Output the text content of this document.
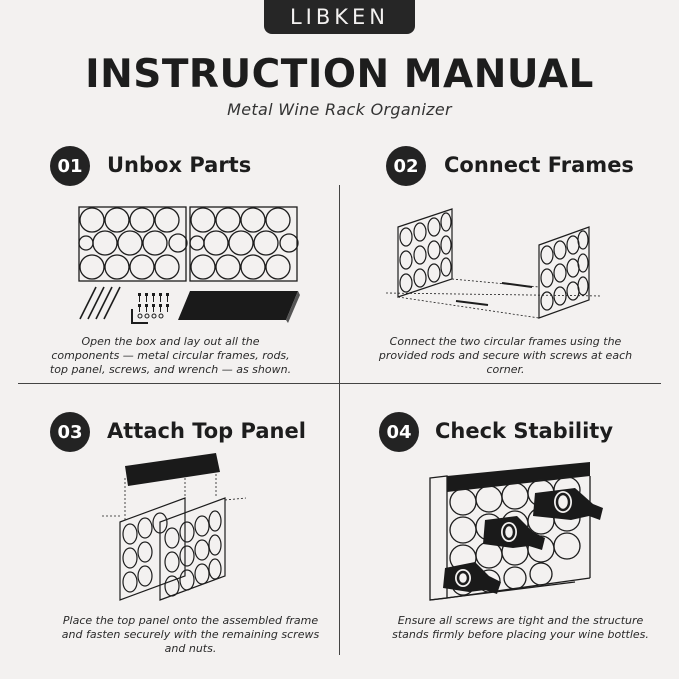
LIBKEN
INSTRUCTION MANUAL
Metal Wine Rack Organizer
01	Unbox Parts
Open the box and lay out all the components — metal circular frames, rods, top panel, screws, and wrench — as shown.
02	Connect Frames
Connect the two circular frames using the provided rods and secure with screws at each corner.
03	Attach Top Panel
Place the top panel onto the assembled frame and fasten securely with the remaining screws and nuts.
04	Check Stability
Ensure all screws are tight and the structure stands firmly before placing your wine bottles.
